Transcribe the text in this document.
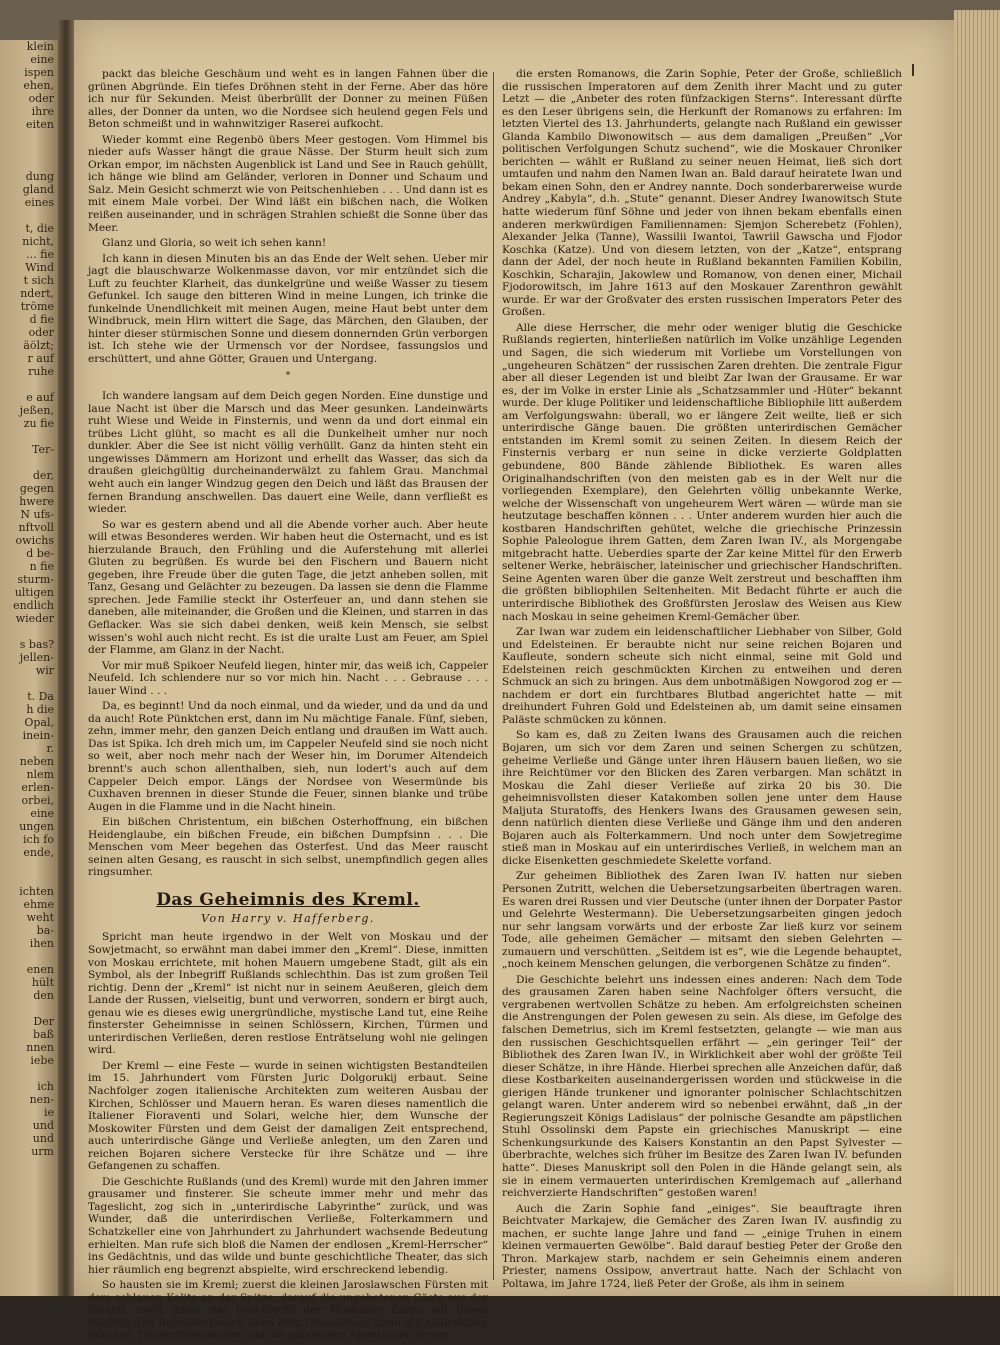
klein
eine
ispen
ehen,
oder
ihre
eiten

dung
gland
eines

t, die
nicht,
... fie
Wind
t sich
ndert,
tröme
d fie
oder
äölzt;
r auf
ruhe

e auf
jeßen,
zu fie

Ter-

der,
gegen
hwere
N ufs-
nftvoll
owichs
d be-
n fie
sturm-
ultigen
endlich
wieder

s bas?
jellen-
wir

t. Da
h die
Opal,
inein-
r.
neben
nlem
erlen-
orbei,
eine
ungen
ich fo
ende,

ichten
ehme
weht
ba-
ihen

enen
hült
den

Der
baß
nnen
iebe

ich
nen-
ie
und
und
urm

packt das bleiche Geschäum und weht es in langen Fahnen über die grünen Abgründe. Ein tiefes Dröhnen steht in der Ferne. Aber das höre ich nur für Sekunden. Meist überbrüllt der Donner zu meinen Füßen alles, der Donner da unten, wo die Nordsee sich heulend gegen Fels und Beton schmeißt und in wahnwitziger Raserei aufkocht.

Wieder kommt eine Regenbö übers Meer gestogen. Vom Himmel bis nieder aufs Wasser hängt die graue Nässe. Der Sturm heult sich zum Orkan empor, im nächsten Augenblick ist Land und See in Rauch gehüllt, ich hänge wie blind am Geländer, verloren in Donner und Schaum und Salz. Mein Gesicht schmerzt wie von Peitschenhieben . . . Und dann ist es mit einem Male vorbei. Der Wind läßt ein bißchen nach, die Wolken reißen auseinander, und in schrägen Strahlen schießt die Sonne über das Meer.

Glanz und Gloria, so weit ich sehen kann!

Ich kann in diesen Minuten bis an das Ende der Welt sehen. Ueber mir jagt die blauschwarze Wolkenmasse davon, vor mir entzündet sich die Luft zu feuchter Klarheit, das dunkelgrüne und weiße Wasser zu tiesem Gefunkel. Ich sauge den bitteren Wind in meine Lungen, ich trinke die funkelnde Unendlichkeit mit meinen Augen, meine Haut bebt unter dem Windbruck, mein Hirn wittert die Sage, das Märchen, den Glauben, der hinter dieser stürmischen Sonne und diesem donnernden Grün verborgen ist. Ich stehe wie der Urmensch vor der Nordsee, fassungslos und erschüttert, und ahne Götter, Grauen und Untergang.

*

Ich wandere langsam auf dem Deich gegen Norden. Eine dunstige und laue Nacht ist über die Marsch und das Meer gesunken. Landeinwärts ruht Wiese und Weide in Finsternis, und wenn da und dort einmal ein trübes Licht glüht, so macht es all die Dunkelheit umher nur noch dunkler. Aber die See ist nicht völlig verhüllt. Ganz da hinten steht ein ungewisses Dämmern am Horizont und erhellt das Wasser, das sich da draußen gleichgültig durcheinanderwälzt zu fahlem Grau. Manchmal weht auch ein langer Windzug gegen den Deich und läßt das Brausen der fernen Brandung anschwellen. Das dauert eine Weile, dann verfließt es wieder.

So war es gestern abend und all die Abende vorher auch. Aber heute will etwas Besonderes werden. Wir haben heut die Osternacht, und es ist hierzulande Brauch, den Frühling und die Auferstehung mit allerlei Gluten zu begrüßen. Es wurde bei den Fischern und Bauern nicht gegeben, ihre Freude über die guten Tage, die jetzt anheben sollen, mit Tanz, Gesang und Gelächter zu bezeugen. Da lassen sie denn die Flamme sprechen. Jede Familie steckt ihr Osterfeuer an, und dann stehen sie daneben, alle miteinander, die Großen und die Kleinen, und starren in das Geflacker. Was sie sich dabei denken, weiß kein Mensch, sie selbst wissen's wohl auch nicht recht. Es ist die uralte Lust am Feuer, am Spiel der Flamme, am Glanz in der Nacht.

Vor mir muß Spikoer Neufeld liegen, hinter mir, das weiß ich, Cappeler Neufeld. Ich schlendere nur so vor mich hin. Nacht . . . Gebrause . . . lauer Wind . . .

Da, es beginnt! Und da noch einmal, und da wieder, und da und da und da auch! Rote Pünktchen erst, dann im Nu mächtige Fanale. Fünf, sieben, zehn, immer mehr, den ganzen Deich entlang und draußen im Watt auch. Das ist Spika. Ich dreh mich um, im Cappeler Neufeld sind sie noch nicht so weit, aber noch mehr nach der Weser hin, im Dorumer Altendeich brennt's auch schon allenthalben, sieh, nun lodert's auch auf dem Cappeler Deich empor. Längs der Nordsee von Wesermünde bis Cuxhaven brennen in dieser Stunde die Feuer, sinnen blanke und trübe Augen in die Flamme und in die Nacht hinein.

Ein bißchen Christentum, ein bißchen Osterhoffnung, ein bißchen Heidenglaube, ein bißchen Freude, ein bißchen Dumpfsinn . . . Die Menschen vom Meer begehen das Osterfest. Und das Meer rauscht seinen alten Gesang, es rauscht in sich selbst, unempfindlich gegen alles ringsumher.

Das Geheimnis des Kreml.
Von Harry v. Hafferberg.

Spricht man heute irgendwo in der Welt von Moskau und der Sowjetmacht, so erwähnt man dabei immer den „Kreml“. Diese, inmitten von Moskau errichtete, mit hohen Mauern umgebene Stadt, gilt als ein Symbol, als der Inbegriff Rußlands schlechthin. Das ist zum großen Teil richtig. Denn der „Kreml“ ist nicht nur in seinem Aeußeren, gleich dem Lande der Russen, vielseitig, bunt und verworren, sondern er birgt auch, genau wie es dieses ewig unergründliche, mystische Land tut, eine Reihe finsterster Geheimnisse in seinen Schlössern, Kirchen, Türmen und unterirdischen Verließen, deren restlose Enträtselung wohl nie gelingen wird.

Der Kreml — eine Feste — wurde in seinen wichtigsten Bestandteilen im 15. Jahrhundert vom Fürsten Juric Dolgorukij erbaut. Seine Nachfolger zogen italienische Architekten zum weiteren Ausbau der Kirchen, Schlösser und Mauern heran. Es waren dieses namentlich die Italiener Fioraventi und Solari, welche hier, dem Wunsche der Moskowiter Fürsten und dem Geist der damaligen Zeit entsprechend, auch unterirdische Gänge und Verließe anlegten, um den Zaren und reichen Bojaren sichere Verstecke für ihre Schätze und — ihre Gefangenen zu schaffen.

Die Geschichte Rußlands (und des Kreml) wurde mit den Jahren immer grausamer und finsterer. Sie scheute immer mehr und mehr das Tageslicht, zog sich in „unterirdische Labyrinthe“ zurück, und was Wunder, daß die unterirdischen Verließe, Folterkammern und Schatzkeller eine von Jahrhundert zu Jahrhundert wachsende Bedeutung erhielten. Man rufe sich bloß die Namen der endlosen „Kreml-Herrscher“ ins Gedächtnis, und das wilde und bunte geschichtliche Theater, das sich hier räumlich eng begrenzt abspielte, wird erschreckend lebendig.

So hausten sie im Kreml; zuerst die kleinen Jaroslawschen Fürsten mit dem schlauen Kalita an der Spitze, darauf die ungebetenen Gäste aus der Tatarei, nach ihnen das Geschlecht der Moskauer Zaren mit ihrem mächtigsten Repräsentanten Iwan dem Grausamen, dann die zahlreichen falschen Thronprätendenten und die polnischen Abenteurer, ferner

die ersten Romanows, die Zarin Sophie, Peter der Große, schließlich die russischen Imperatoren auf dem Zenith ihrer Macht und zu guter Letzt — die „Anbeter des roten fünfzackigen Sterns“. Interessant dürfte es den Leser übrigens sein, die Herkunft der Romanows zu erfahren: Im letzten Viertel des 13. Jahrhunderts, gelangte nach Rußland ein gewisser Glanda Kambilo Diwonowitsch — aus dem damaligen „Preußen“ „Vor politischen Verfolgungen Schutz suchend“, wie die Moskauer Chroniker berichten — wählt er Rußland zu seiner neuen Heimat, ließ sich dort umtaufen und nahm den Namen Iwan an. Bald darauf heiratete Iwan und bekam einen Sohn, den er Andrey nannte. Doch sonderbarerweise wurde Andrey „Kabyla“, d.h. „Stute“ genannt. Dieser Andrey Iwanowitsch Stute hatte wiederum fünf Söhne und jeder von ihnen bekam ebenfalls einen anderen merkwürdigen Familiennamen: Sjemjon Scherebetz (Fohlen), Alexander Jelka (Tanne), Wassilii Iwantoi, Tawriil Gawscha und Fjodor Koschka (Katze). Und von diesem letzten, von der „Katze“, entsprang dann der Adel, der noch heute in Rußland bekannten Familien Kobilin, Koschkin, Scharajin, Jakowlew und Romanow, von denen einer, Michail Fjodorowitsch, im Jahre 1613 auf den Moskauer Zarenthron gewählt wurde. Er war der Großvater des ersten russischen Imperators Peter des Großen.

Alle diese Herrscher, die mehr oder weniger blutig die Geschicke Rußlands regierten, hinterließen natürlich im Volke unzählige Legenden und Sagen, die sich wiederum mit Vorliebe um Vorstellungen von „ungeheuren Schätzen“ der russischen Zaren drehten. Die zentrale Figur aber all dieser Legenden ist und bleibt Zar Iwan der Grausame. Er war es, der im Volke in erster Linie als „Schatzsammler und -Hüter“ bekannt wurde. Der kluge Politiker und leidenschaftliche Bibliophile litt außerdem am Verfolgungswahn: überall, wo er längere Zeit weilte, ließ er sich unterirdische Gänge bauen. Die größten unterirdischen Gemächer entstanden im Kreml somit zu seinen Zeiten. In diesem Reich der Finsternis verbarg er nun seine in dicke verzierte Goldplatten gebundene, 800 Bände zählende Bibliothek. Es waren alles Originalhandschriften (von den meisten gab es in der Welt nur die vorliegenden Exemplare), den Gelehrten völlig unbekannte Werke, welche der Wissenschaft von ungeheurem Wert wären — würde man sie heutzutage beschaffen können . . . Unter anderem wurden hier auch die kostbaren Handschriften gehütet, welche die griechische Prinzessin Sophie Paleologue ihrem Gatten, dem Zaren Iwan IV., als Morgengabe mitgebracht hatte. Ueberdies sparte der Zar keine Mittel für den Erwerb seltener Werke, hebräischer, lateinischer und griechischer Handschriften. Seine Agenten waren über die ganze Welt zerstreut und beschafften ihm die größten bibliophilen Seltenheiten. Mit Bedacht führte er auch die unterirdische Bibliothek des Großfürsten Jeroslaw des Weisen aus Kiew nach Moskau in seine geheimen Kreml-Gemächer über.

Zar Iwan war zudem ein leidenschaftlicher Liebhaber von Silber, Gold und Edelsteinen. Er beraubte nicht nur seine reichen Bojaren und Kaufleute, sondern scheute sich nicht einmal, seine mit Gold und Edelsteinen reich geschmückten Kirchen zu entweihen und deren Schmuck an sich zu bringen. Aus dem unbotmäßigen Nowgorod zog er — nachdem er dort ein furchtbares Blutbad angerichtet hatte — mit dreihundert Fuhren Gold und Edelsteinen ab, um damit seine einsamen Paläste schmücken zu können.

So kam es, daß zu Zeiten Iwans des Grausamen auch die reichen Bojaren, um sich vor dem Zaren und seinen Schergen zu schützen, geheime Verließe und Gänge unter ihren Häusern bauen ließen, wo sie ihre Reichtümer vor den Blicken des Zaren verbargen. Man schätzt in Moskau die Zahl dieser Verließe auf zirka 20 bis 30. Die geheimnisvollsten dieser Katakomben sollen jene unter dem Hause Maljuta Sturatoffs, des Henkers Iwans des Grausamen gewesen sein, denn natürlich dienten diese Verließe und Gänge ihm und den anderen Bojaren auch als Folterkammern. Und noch unter dem Sowjetregime stieß man in Moskau auf ein unterirdisches Verließ, in welchem man an dicke Eisenketten geschmiedete Skelette vorfand.

Zur geheimen Bibliothek des Zaren Iwan IV. hatten nur sieben Personen Zutritt, welchen die Uebersetzungsarbeiten übertragen waren. Es waren drei Russen und vier Deutsche (unter ihnen der Dorpater Pastor und Gelehrte Westermann). Die Uebersetzungsarbeiten gingen jedoch nur sehr langsam vorwärts und der erboste Zar ließ kurz vor seinem Tode, alle geheimen Gemächer — mitsamt den sieben Gelehrten — zumauern und verschütten. „Seitdem ist es“, wie die Legende behauptet, „noch keinem Menschen gelungen, die verborgenen Schätze zu finden“.

Die Geschichte belehrt uns indessen eines anderen: Nach dem Tode des grausamen Zaren haben seine Nachfolger öfters versucht, die vergrabenen wertvollen Schätze zu heben. Am erfolgreichsten scheinen die Anstrengungen der Polen gewesen zu sein. Als diese, im Gefolge des falschen Demetrius, sich im Kreml festsetzten, gelangte — wie man aus den russischen Geschichtsquellen erfährt — „ein geringer Teil“ der Bibliothek des Zaren Iwan IV., in Wirklichkeit aber wohl der größte Teil dieser Schätze, in ihre Hände. Hierbei sprechen alle Anzeichen dafür, daß diese Kostbarkeiten auseinandergerissen worden und stückweise in die gierigen Hände trunkener und ignoranter polnischer Schlachtschitzen gelangt waren. Unter anderem wird so nebenbei erwähnt, daß „in der Regierungszeit Königs Ladislaus“ der polnische Gesandte am päpstlichen Stuhl Ossolinski dem Papste ein griechisches Manuskript — eine Schenkungsurkunde des Kaisers Konstantin an den Papst Sylvester — überbrachte, welches sich früher im Besitze des Zaren Iwan IV. befunden hatte“. Dieses Manuskript soll den Polen in die Hände gelangt sein, als sie in einem vermauerten unterirdischen Kremlgemach auf „allerhand reichverzierte Handschriften“ gestoßen waren!

Auch die Zarin Sophie fand „einiges“. Sie beauftragte ihren Beichtvater Markajew, die Gemächer des Zaren Iwan IV. ausfindig zu machen, er suchte lange Jahre und fand — „einige Truhen in einem kleinen vermauerten Gewölbe“. Bald darauf bestieg Peter der Große den Thron. Markajew starb, nachdem er sein Geheimnis einem anderen Priester, namens Ossipow, anvertraut hatte. Nach der Schlacht von Poltawa, im Jahre 1724, ließ Peter der Große, als ihm in seinem
